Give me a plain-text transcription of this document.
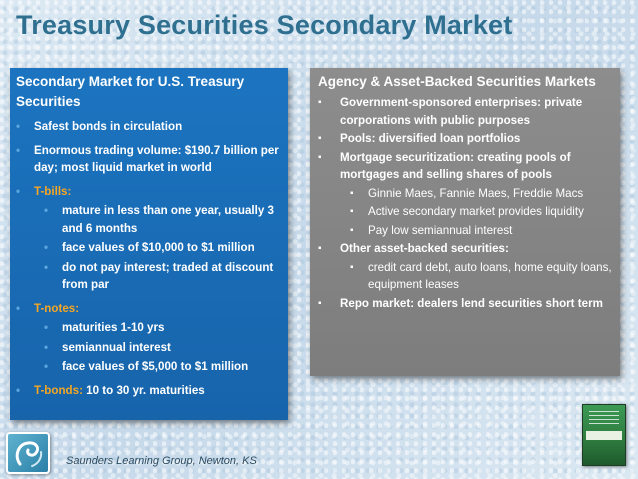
Treasury Securities Secondary Market
Secondary Market for U.S. Treasury Securities
• Safest bonds in circulation
• Enormous trading volume: $190.7 billion per day; most liquid market in world
• T-bills:
• mature in less than one year, usually 3 and 6 months
• face values of $10,000 to $1 million
• do not pay interest; traded at discount from par
• T-notes:
• maturities 1-10 yrs
• semiannual interest
• face values of $5,000 to $1 million
• T-bonds: 10 to 30 yr. maturities
Agency & Asset-Backed Securities Markets
▪ Government-sponsored enterprises: private corporations with public purposes
▪ Pools: diversified loan portfolios
▪ Mortgage securitization: creating pools of mortgages and selling shares of pools
▪ Ginnie Maes, Fannie Maes, Freddie Macs
▪ Active secondary market provides liquidity
▪ Pay low semiannual interest
▪ Other asset-backed securities:
▪ credit card debt, auto loans, home equity loans, equipment leases
▪ Repo market: dealers lend securities short term
Saunders Learning Group, Newton, KS
